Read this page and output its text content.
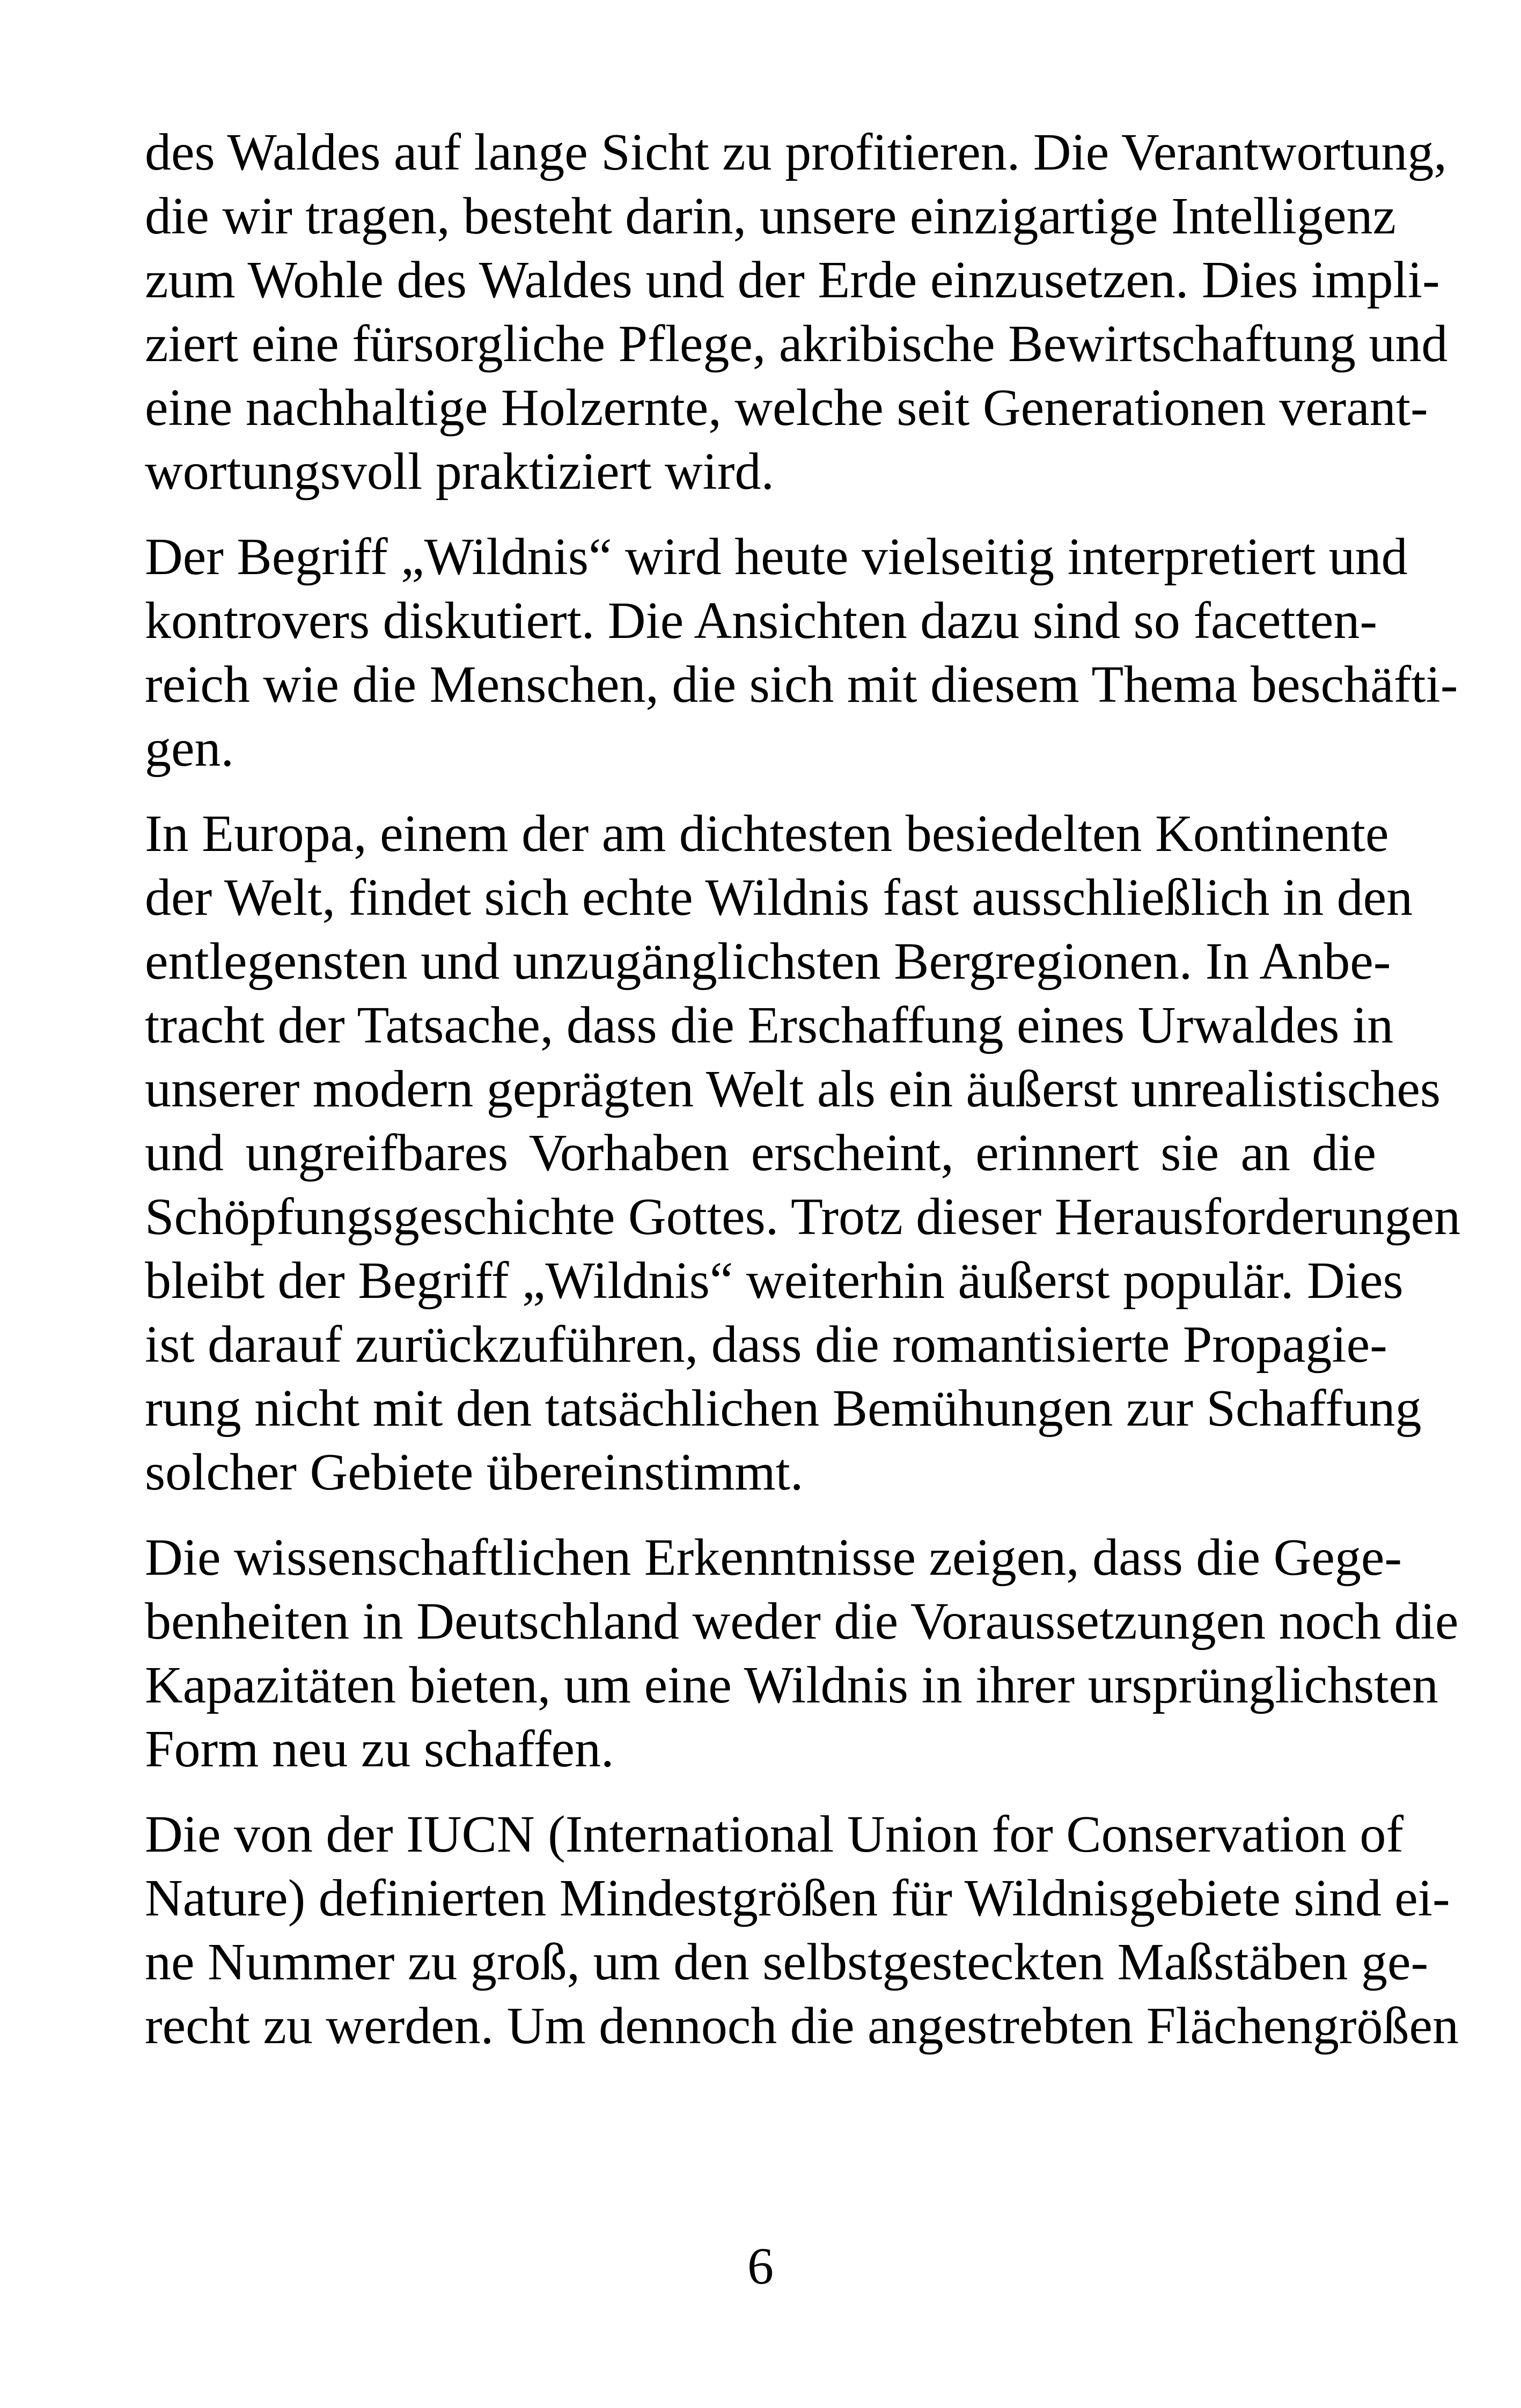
des Waldes auf lange Sicht zu profitieren. Die Verantwortung,
die wir tragen, besteht darin, unsere einzigartige Intelligenz
zum Wohle des Waldes und der Erde einzusetzen. Dies impli-
ziert eine fürsorgliche Pflege, akribische Bewirtschaftung und
eine nachhaltige Holzernte, welche seit Generationen verant-
wortungsvoll praktiziert wird.
Der Begriff „Wildnis“ wird heute vielseitig interpretiert und
kontrovers diskutiert. Die Ansichten dazu sind so facetten-
reich wie die Menschen, die sich mit diesem Thema beschäfti-
gen.
In Europa, einem der am dichtesten besiedelten Kontinente
der Welt, findet sich echte Wildnis fast ausschließlich in den
entlegensten und unzugänglichsten Bergregionen. In Anbe-
tracht der Tatsache, dass die Erschaffung eines Urwaldes in
unserer modern geprägten Welt als ein äußerst unrealistisches
und ungreifbares Vorhaben erscheint, erinnert sie an die
Schöpfungsgeschichte Gottes. Trotz dieser Herausforderungen
bleibt der Begriff „Wildnis“ weiterhin äußerst populär. Dies
ist darauf zurückzuführen, dass die romantisierte Propagie-
rung nicht mit den tatsächlichen Bemühungen zur Schaffung
solcher Gebiete übereinstimmt.
Die wissenschaftlichen Erkenntnisse zeigen, dass die Gege-
benheiten in Deutschland weder die Voraussetzungen noch die
Kapazitäten bieten, um eine Wildnis in ihrer ursprünglichsten
Form neu zu schaffen.
Die von der IUCN (International Union for Conservation of
Nature) definierten Mindestgrößen für Wildnisgebiete sind ei-
ne Nummer zu groß, um den selbstgesteckten Maßstäben ge-
recht zu werden. Um dennoch die angestrebten Flächengrößen
6
